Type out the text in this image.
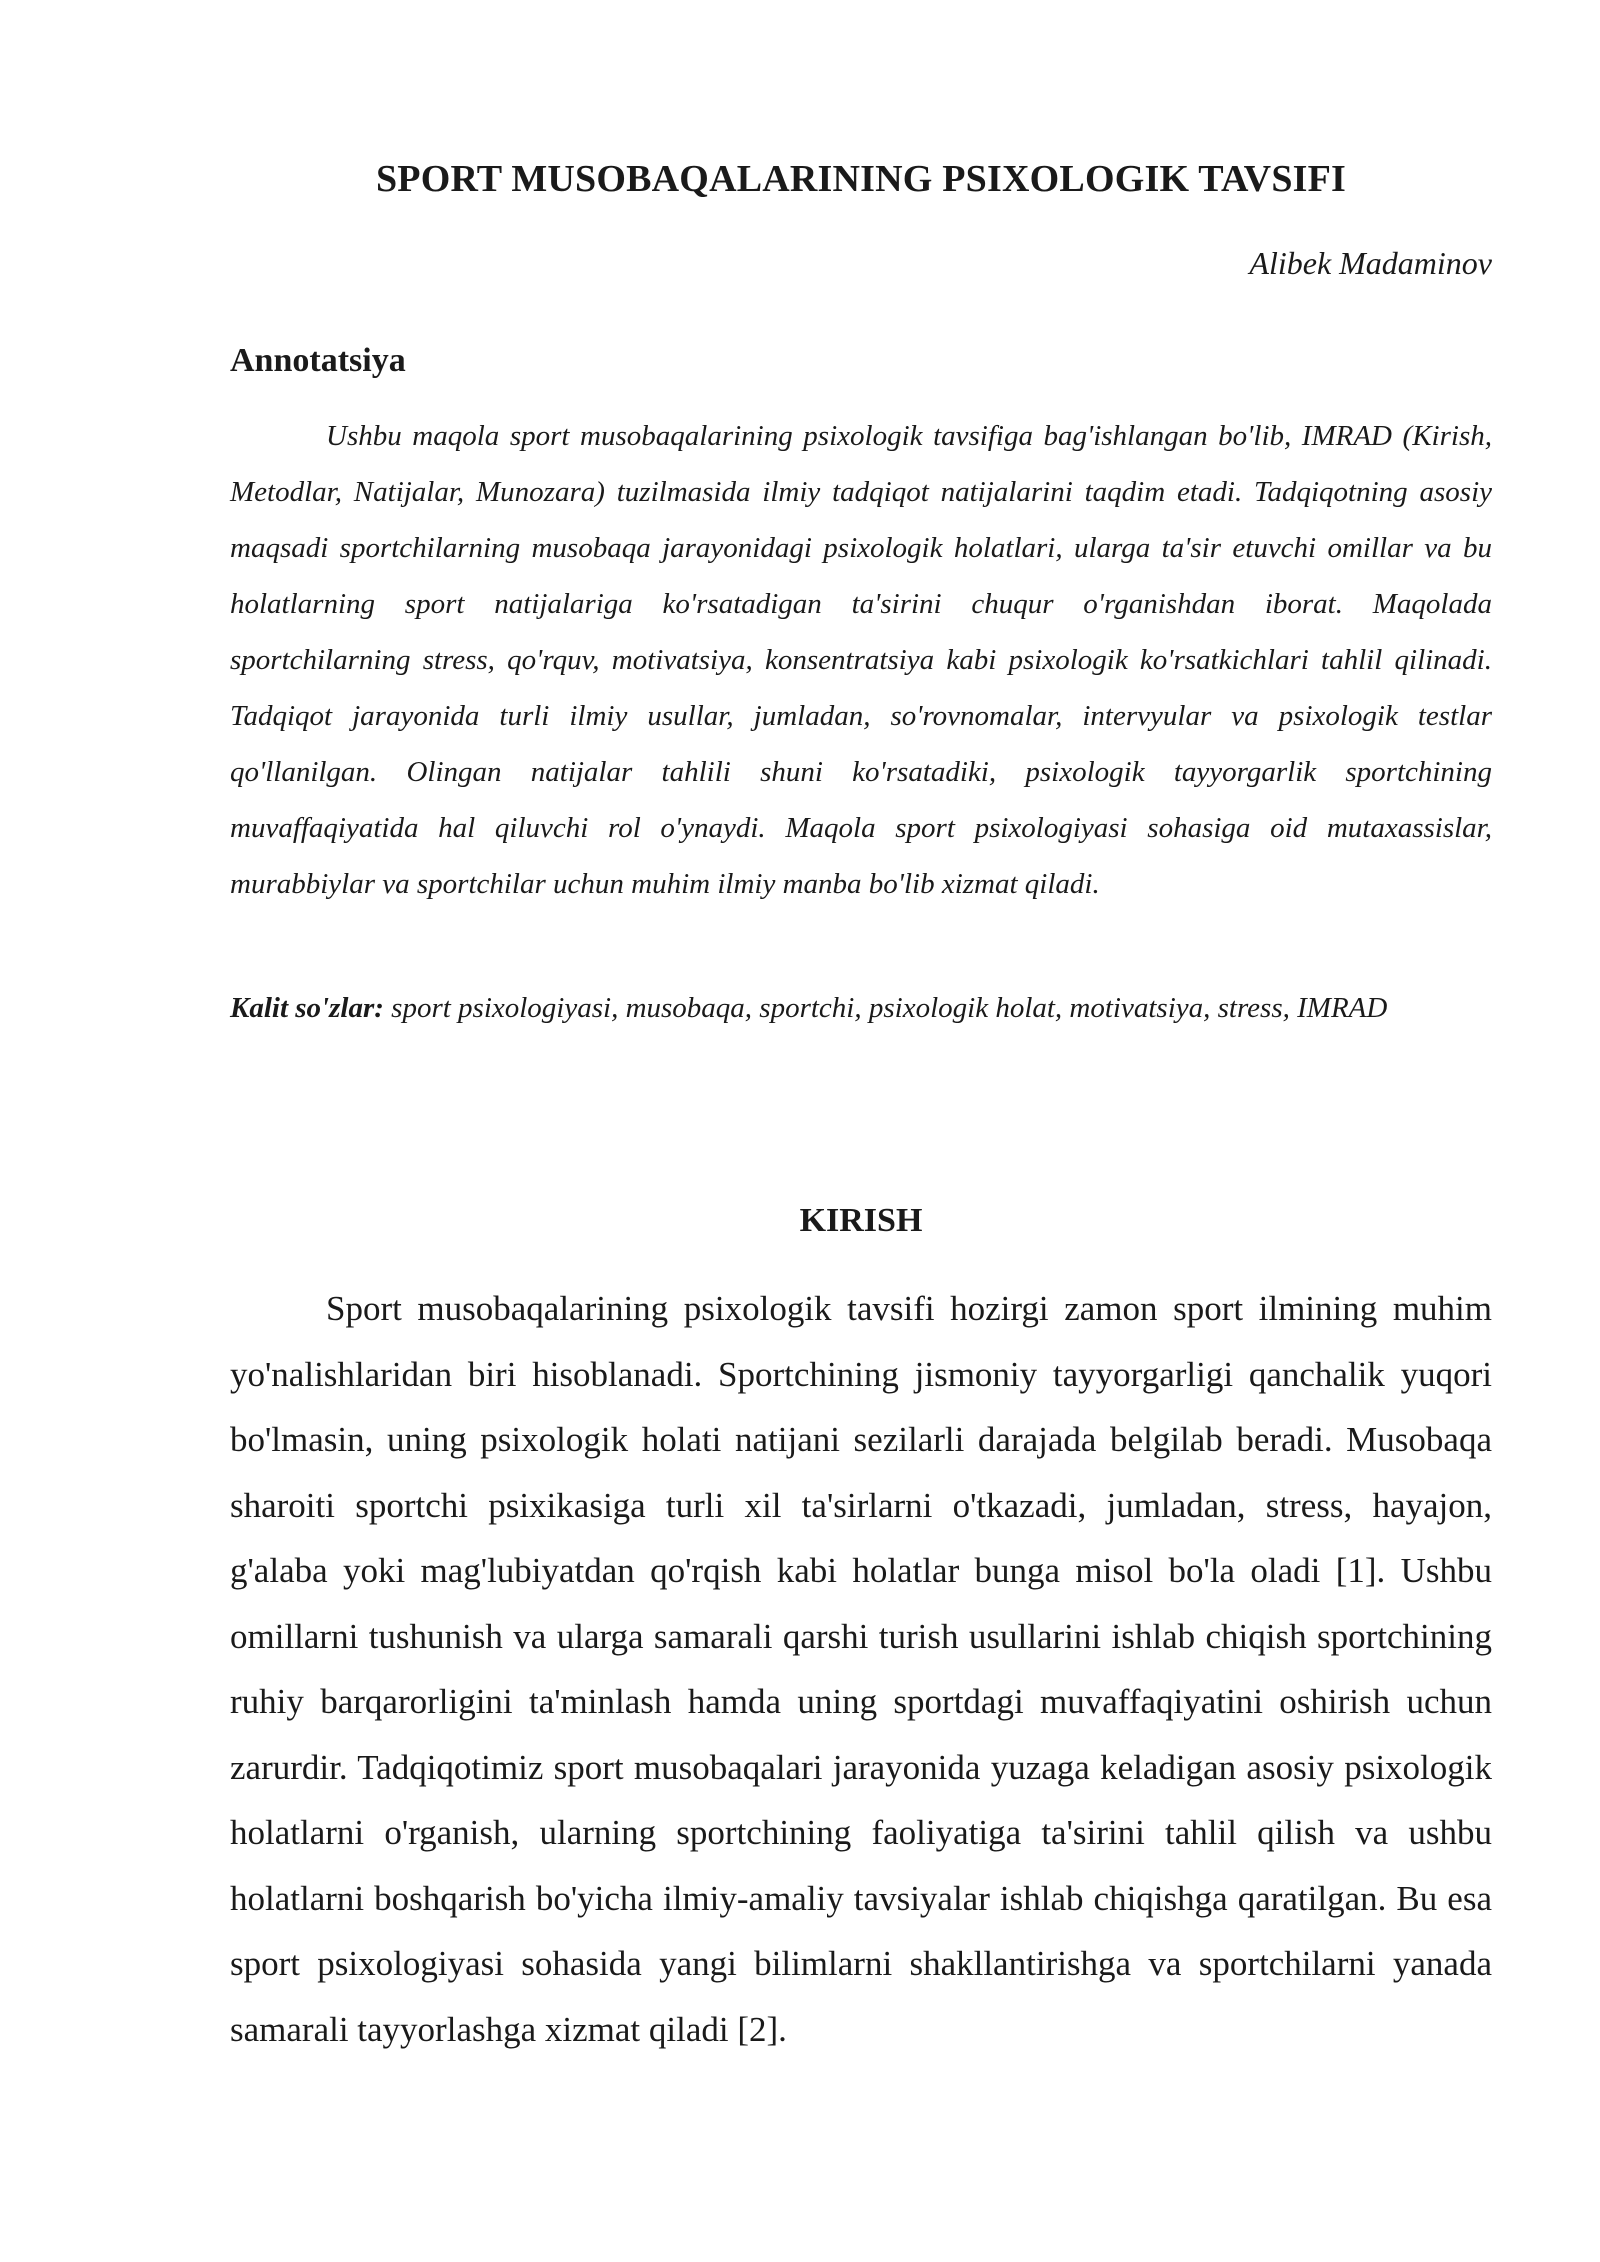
SPORT MUSOBAQALARINING PSIXOLOGIK TAVSIFI

Alibek Madaminov

Annotatsiya

Ushbu maqola sport musobaqalarining psixologik tavsifiga bag'ishlangan bo'lib, IMRAD (Kirish, Metodlar, Natijalar, Munozara) tuzilmasida ilmiy tadqiqot natijalarini taqdim etadi. Tadqiqotning asosiy maqsadi sportchilarning musobaqa jarayonidagi psixologik holatlari, ularga ta'sir etuvchi omillar va bu holatlarning sport natijalariga ko'rsatadigan ta'sirini chuqur o'rganishdan iborat. Maqolada sportchilarning stress, qo'rquv, motivatsiya, konsentratsiya kabi psixologik ko'rsatkichlari tahlil qilinadi. Tadqiqot jarayonida turli ilmiy usullar, jumladan, so'rovnomalar, intervyular va psixologik testlar qo'llanilgan. Olingan natijalar tahlili shuni ko'rsatadiki, psixologik tayyorgarlik sportchining muvaffaqiyatida hal qiluvchi rol o'ynaydi. Maqola sport psixologiyasi sohasiga oid mutaxassislar, murabbiylar va sportchilar uchun muhim ilmiy manba bo'lib xizmat qiladi.

Kalit so'zlar: sport psixologiyasi, musobaqa, sportchi, psixologik holat, motivatsiya, stress, IMRAD

KIRISH

Sport musobaqalarining psixologik tavsifi hozirgi zamon sport ilmining muhim yo'nalishlaridan biri hisoblanadi. Sportchining jismoniy tayyorgarligi qanchalik yuqori bo'lmasin, uning psixologik holati natijani sezilarli darajada belgilab beradi. Musobaqa sharoiti sportchi psixikasiga turli xil ta'sirlarni o'tkazadi, jumladan, stress, hayajon, g'alaba yoki mag'lubiyatdan qo'rqish kabi holatlar bunga misol bo'la oladi [1]. Ushbu omillarni tushunish va ularga samarali qarshi turish usullarini ishlab chiqish sportchining ruhiy barqarorligini ta'minlash hamda uning sportdagi muvaffaqiyatini oshirish uchun zarurdir. Tadqiqotimiz sport musobaqalari jarayonida yuzaga keladigan asosiy psixologik holatlarni o'rganish, ularning sportchining faoliyatiga ta'sirini tahlil qilish va ushbu holatlarni boshqarish bo'yicha ilmiy-amaliy tavsiyalar ishlab chiqishga qaratilgan. Bu esa sport psixologiyasi sohasida yangi bilimlarni shakllantirishga va sportchilarni yanada samarali tayyorlashga xizmat qiladi [2].
